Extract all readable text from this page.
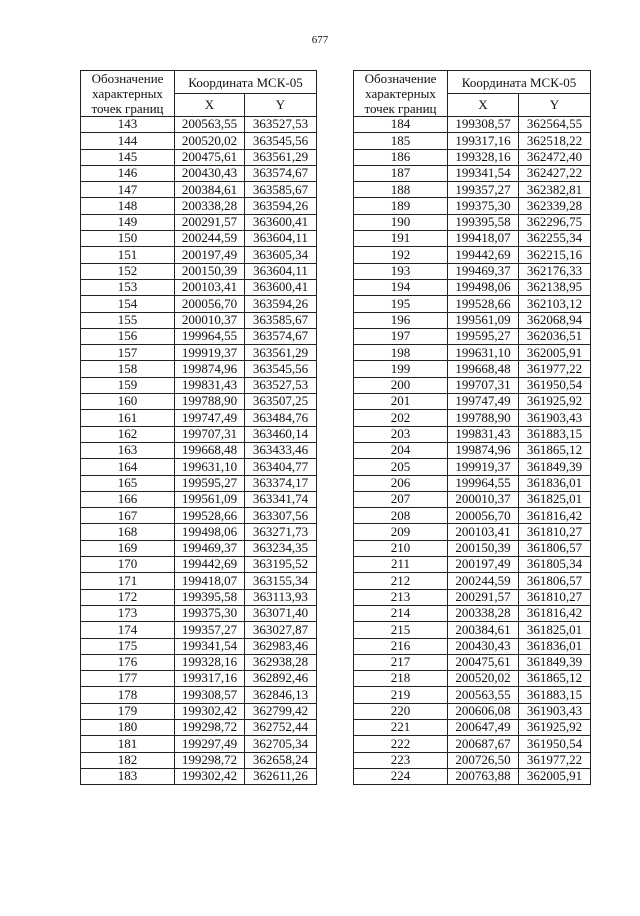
677
Обозначение характерных точек границ	Координата МСК-05	
	X	Y
143	200563,55	363527,53
144	200520,02	363545,56
145	200475,61	363561,29
146	200430,43	363574,67
147	200384,61	363585,67
148	200338,28	363594,26
149	200291,57	363600,41
150	200244,59	363604,11
151	200197,49	363605,34
152	200150,39	363604,11
153	200103,41	363600,41
154	200056,70	363594,26
155	200010,37	363585,67
156	199964,55	363574,67
157	199919,37	363561,29
158	199874,96	363545,56
159	199831,43	363527,53
160	199788,90	363507,25
161	199747,49	363484,76
162	199707,31	363460,14
163	199668,48	363433,46
164	199631,10	363404,77
165	199595,27	363374,17
166	199561,09	363341,74
167	199528,66	363307,56
168	199498,06	363271,73
169	199469,37	363234,35
170	199442,69	363195,52
171	199418,07	363155,34
172	199395,58	363113,93
173	199375,30	363071,40
174	199357,27	363027,87
175	199341,54	362983,46
176	199328,16	362938,28
177	199317,16	362892,46
178	199308,57	362846,13
179	199302,42	362799,42
180	199298,72	362752,44
181	199297,49	362705,34
182	199298,72	362658,24
183	199302,42	362611,26
Обозначение характерных точек границ	Координата МСК-05	
	X	Y
184	199308,57	362564,55
185	199317,16	362518,22
186	199328,16	362472,40
187	199341,54	362427,22
188	199357,27	362382,81
189	199375,30	362339,28
190	199395,58	362296,75
191	199418,07	362255,34
192	199442,69	362215,16
193	199469,37	362176,33
194	199498,06	362138,95
195	199528,66	362103,12
196	199561,09	362068,94
197	199595,27	362036,51
198	199631,10	362005,91
199	199668,48	361977,22
200	199707,31	361950,54
201	199747,49	361925,92
202	199788,90	361903,43
203	199831,43	361883,15
204	199874,96	361865,12
205	199919,37	361849,39
206	199964,55	361836,01
207	200010,37	361825,01
208	200056,70	361816,42
209	200103,41	361810,27
210	200150,39	361806,57
211	200197,49	361805,34
212	200244,59	361806,57
213	200291,57	361810,27
214	200338,28	361816,42
215	200384,61	361825,01
216	200430,43	361836,01
217	200475,61	361849,39
218	200520,02	361865,12
219	200563,55	361883,15
220	200606,08	361903,43
221	200647,49	361925,92
222	200687,67	361950,54
223	200726,50	361977,22
224	200763,88	362005,91
